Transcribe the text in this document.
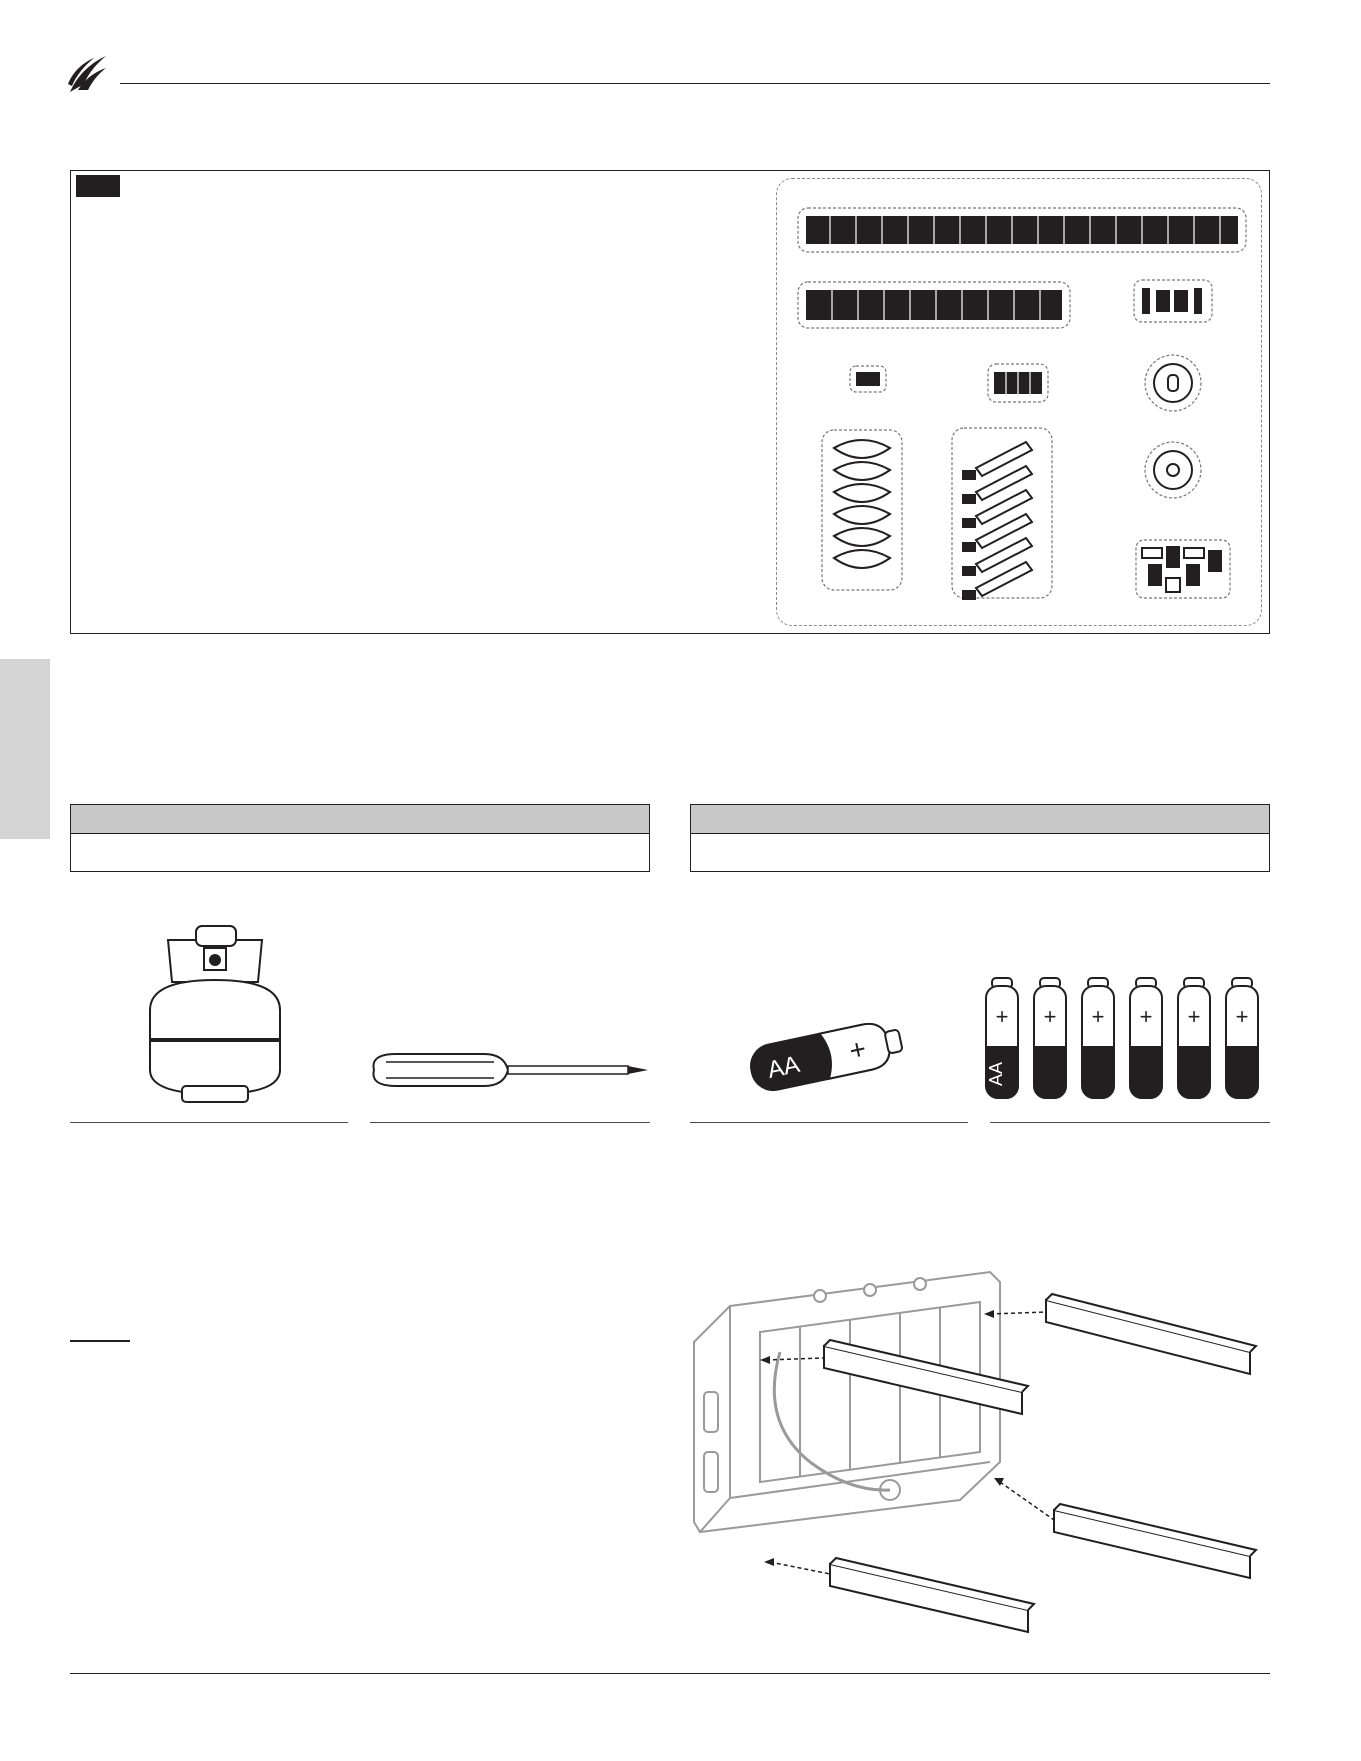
AA
+
+
AA
